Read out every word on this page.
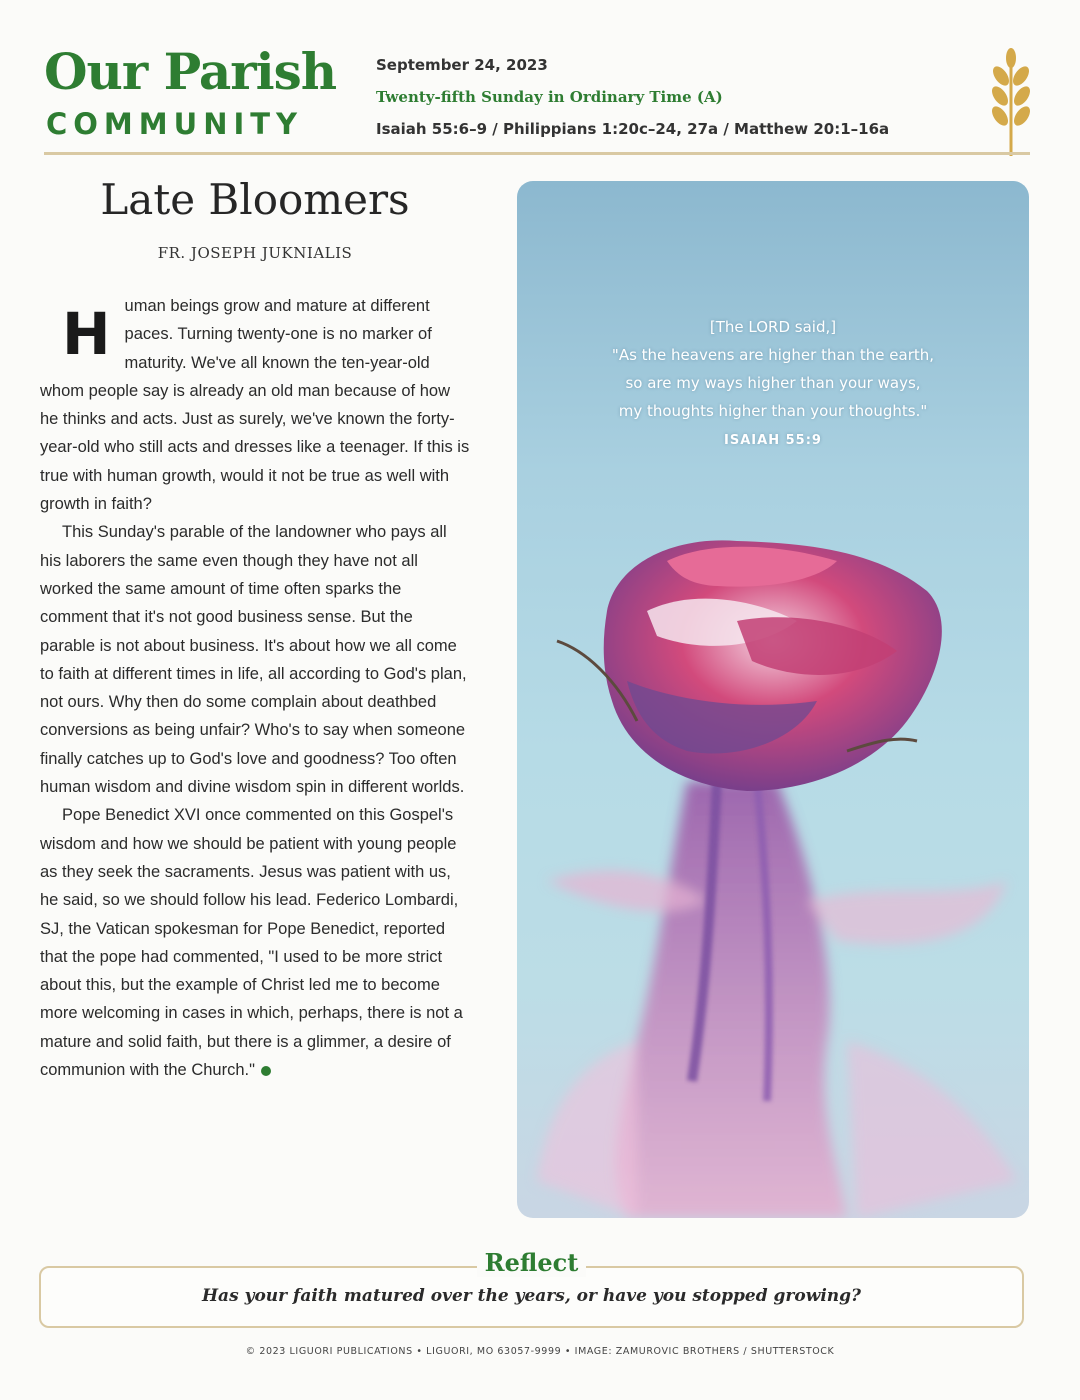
Our Parish
COMMUNITY
September 24, 2023
Twenty-fifth Sunday in Ordinary Time (A)
Isaiah 55:6–9 / Philippians 1:20c–24, 27a / Matthew 20:1–16a
Late Bloomers
FR. JOSEPH JUKNIALIS

Human beings grow and mature at different paces. Turning twenty-one is no marker of maturity. We've all known the ten-year-old whom people say is already an old man because of how he thinks and acts. Just as surely, we've known the forty-year-old who still acts and dresses like a teenager. If this is true with human growth, would it not be true as well with growth in faith?

This Sunday's parable of the landowner who pays all his laborers the same even though they have not all worked the same amount of time often sparks the comment that it's not good business sense. But the parable is not about business. It's about how we all come to faith at different times in life, all according to God's plan, not ours. Why then do some complain about deathbed conversions as being unfair? Who's to say when someone finally catches up to God's love and goodness? Too often human wisdom and divine wisdom spin in different worlds.

Pope Benedict XVI once commented on this Gospel's wisdom and how we should be patient with young people as they seek the sacraments. Jesus was patient with us, he said, so we should follow his lead. Federico Lombardi, SJ, the Vatican spokesman for Pope Benedict, reported that the pope had commented, "I used to be more strict about this, but the example of Christ led me to become more welcoming in cases in which, perhaps, there is not a mature and solid faith, but there is a glimmer, a desire of communion with the Church."

[The LORD said,]
"As the heavens are higher than the earth,
so are my ways higher than your ways,
my thoughts higher than your thoughts."
ISAIAH 55:9
Reflect
Has your faith matured over the years, or have you stopped growing?
© 2023 LIGUORI PUBLICATIONS • LIGUORI, MO 63057-9999 • IMAGE: ZAMUROVIC BROTHERS / SHUTTERSTOCK
